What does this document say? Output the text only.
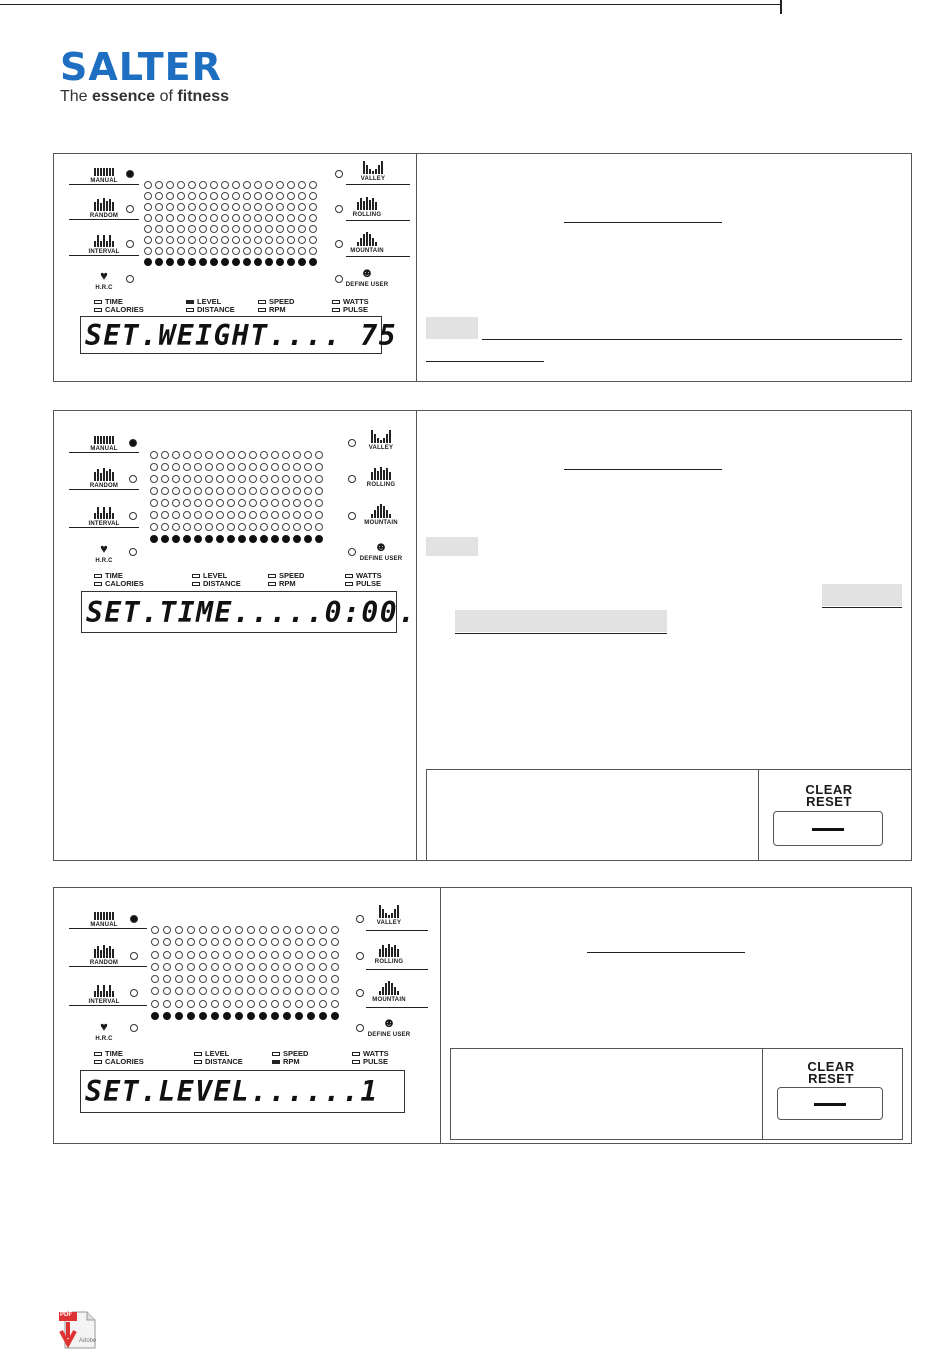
SALTER
The essence of fitness
MANUAL
RANDOM
INTERVAL
♥
H.R.C
VALLEY
ROLLING
MOUNTAIN
☻
DEFINE USER
TIME
CALORIES
LEVEL
DISTANCE
SPEED
RPM
WATTS
PULSE
SET.WEIGHT.... 75
MANUAL
RANDOM
INTERVAL
♥
H.R.C
VALLEY
ROLLING
MOUNTAIN
☻
DEFINE USER
TIME
CALORIES
LEVEL
DISTANCE
SPEED
RPM
WATTS
PULSE
SET.TIME.....0:00.
CLEAR
RESET
MANUAL
RANDOM
INTERVAL
♥
H.R.C
VALLEY
ROLLING
MOUNTAIN
☻
DEFINE USER
TIME
CALORIES
LEVEL
DISTANCE
SPEED
RPM
WATTS
PULSE
SET.LEVEL......1
CLEAR
RESET
PDF
Adobe
